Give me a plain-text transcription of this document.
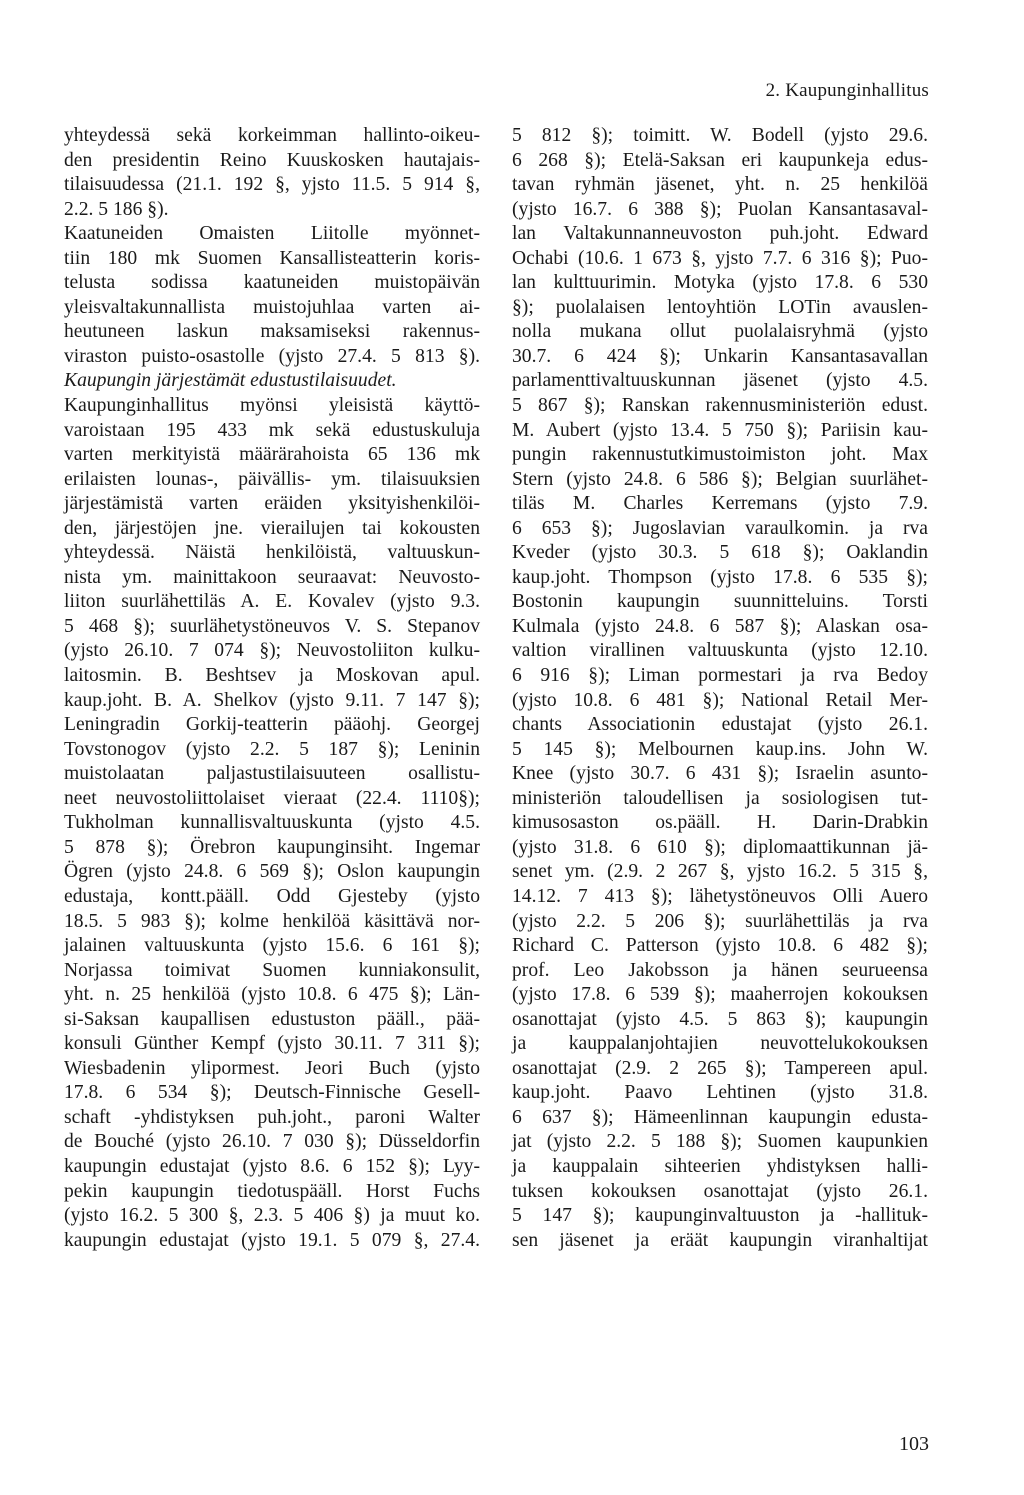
2. Kaupunginhallitus
yhteydessä sekä korkeimman hallinto-oikeu-
den presidentin Reino Kuuskosken hautajais-
tilaisuudessa (21.1. 192 §, yjsto 11.5. 5 914 §,
2.2. 5 186 §).
Kaatuneiden Omaisten Liitolle myönnet-
tiin 180 mk Suomen Kansallisteatterin koris-
telusta sodissa kaatuneiden muistopäivän
yleisvaltakunnallista muistojuhlaa varten ai-
heutuneen laskun maksamiseksi rakennus-
viraston puisto-osastolle (yjsto 27.4. 5 813 §).
Kaupungin järjestämät edustustilaisuudet.
Kaupunginhallitus myönsi yleisistä käyttö-
varoistaan 195 433 mk sekä edustuskuluja
varten merkityistä määrärahoista 65 136 mk
erilaisten lounas-, päivällis- ym. tilaisuuksien
järjestämistä varten eräiden yksityishenkilöi-
den, järjestöjen jne. vierailujen tai kokousten
yhteydessä. Näistä henkilöistä, valtuuskun-
nista ym. mainittakoon seuraavat: Neuvosto-
liiton suurlähettiläs A. E. Kovalev (yjsto 9.3.
5 468 §); suurlähetystöneuvos V. S. Stepanov
(yjsto 26.10. 7 074 §); Neuvostoliiton kulku-
laitosmin. B. Beshtsev ja Moskovan apul.
kaup.joht. B. A. Shelkov (yjsto 9.11. 7 147 §);
Leningradin Gorkij-teatterin pääohj. Georgej
Tovstonogov (yjsto 2.2. 5 187 §); Leninin
muistolaatan paljastustilaisuuteen osallistu-
neet neuvostoliittolaiset vieraat (22.4. 1110§);
Tukholman kunnallisvaltuuskunta (yjsto 4.5.
5 878 §); Örebron kaupunginsiht. Ingemar
Ögren (yjsto 24.8. 6 569 §); Oslon kaupungin
edustaja, kontt.pääll. Odd Gjesteby (yjsto
18.5. 5 983 §); kolme henkilöä käsittävä nor-
jalainen valtuuskunta (yjsto 15.6. 6 161 §);
Norjassa toimivat Suomen kunniakonsulit,
yht. n. 25 henkilöä (yjsto 10.8. 6 475 §); Län-
si-Saksan kaupallisen edustuston pääll., pää-
konsuli Günther Kempf (yjsto 30.11. 7 311 §);
Wiesbadenin ylipormest. Jeori Buch (yjsto
17.8. 6 534 §); Deutsch-Finnische Gesell-
schaft -yhdistyksen puh.joht., paroni Walter
de Bouché (yjsto 26.10. 7 030 §); Düsseldorfin
kaupungin edustajat (yjsto 8.6. 6 152 §); Lyy-
pekin kaupungin tiedotuspääll. Horst Fuchs
(yjsto 16.2. 5 300 §, 2.3. 5 406 §) ja muut ko.
kaupungin edustajat (yjsto 19.1. 5 079 §, 27.4.
5 812 §); toimitt. W. Bodell (yjsto 29.6.
6 268 §); Etelä-Saksan eri kaupunkeja edus-
tavan ryhmän jäsenet, yht. n. 25 henkilöä
(yjsto 16.7. 6 388 §); Puolan Kansantasaval-
lan Valtakunnanneuvoston puh.joht. Edward
Ochabi (10.6. 1 673 §, yjsto 7.7. 6 316 §); Puo-
lan kulttuurimin. Motyka (yjsto 17.8. 6 530
§); puolalaisen lentoyhtiön LOTin avauslen-
nolla mukana ollut puolalaisryhmä (yjsto
30.7. 6 424 §); Unkarin Kansantasavallan
parlamenttivaltuuskunnan jäsenet (yjsto 4.5.
5 867 §); Ranskan rakennusministeriön edust.
M. Aubert (yjsto 13.4. 5 750 §); Pariisin kau-
pungin rakennustutkimustoimiston joht. Max
Stern (yjsto 24.8. 6 586 §); Belgian suurlähet-
tiläs M. Charles Kerremans (yjsto 7.9.
6 653 §); Jugoslavian varaulkomin. ja rva
Kveder (yjsto 30.3. 5 618 §); Oaklandin
kaup.joht. Thompson (yjsto 17.8. 6 535 §);
Bostonin kaupungin suunnitteluins. Torsti
Kulmala (yjsto 24.8. 6 587 §); Alaskan osa-
valtion virallinen valtuuskunta (yjsto 12.10.
6 916 §); Liman pormestari ja rva Bedoy
(yjsto 10.8. 6 481 §); National Retail Mer-
chants Associationin edustajat (yjsto 26.1.
5 145 §); Melbournen kaup.ins. John W.
Knee (yjsto 30.7. 6 431 §); Israelin asunto-
ministeriön taloudellisen ja sosiologisen tut-
kimusosaston os.pääll. H. Darin-Drabkin
(yjsto 31.8. 6 610 §); diplomaattikunnan jä-
senet ym. (2.9. 2 267 §, yjsto 16.2. 5 315 §,
14.12. 7 413 §); lähetystöneuvos Olli Auero
(yjsto 2.2. 5 206 §); suurlähettiläs ja rva
Richard C. Patterson (yjsto 10.8. 6 482 §);
prof. Leo Jakobsson ja hänen seurueensa
(yjsto 17.8. 6 539 §); maaherrojen kokouksen
osanottajat (yjsto 4.5. 5 863 §); kaupungin
ja kauppalanjohtajien neuvottelukokouksen
osanottajat (2.9. 2 265 §); Tampereen apul.
kaup.joht. Paavo Lehtinen (yjsto 31.8.
6 637 §); Hämeenlinnan kaupungin edusta-
jat (yjsto 2.2. 5 188 §); Suomen kaupunkien
ja kauppalain sihteerien yhdistyksen halli-
tuksen kokouksen osanottajat (yjsto 26.1.
5 147 §); kaupunginvaltuuston ja -hallituk-
sen jäsenet ja eräät kaupungin viranhaltijat
103
